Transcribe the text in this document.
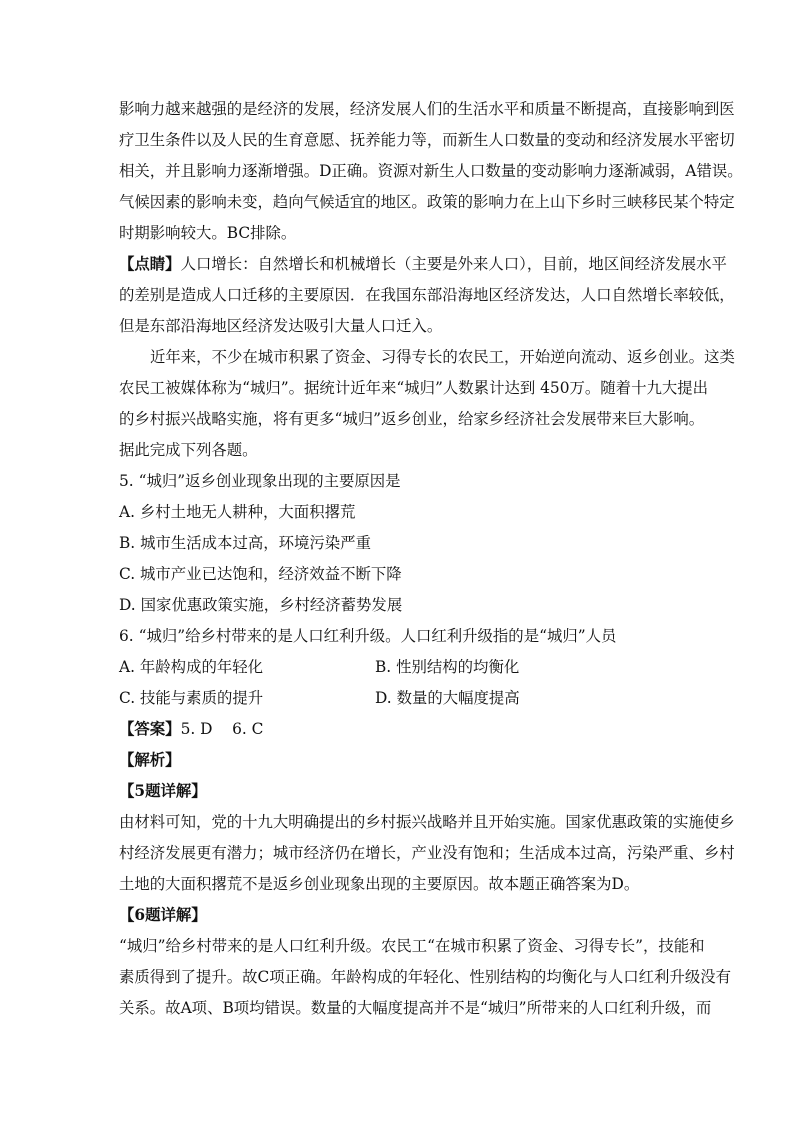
影响力越来越强的是经济的发展，经济发展人们的生活水平和质量不断提高，直接影响到医
疗卫生条件以及人民的生育意愿、抚养能力等，而新生人口数量的变动和经济发展水平密切
相关，并且影响力逐渐增强。D正确。资源对新生人口数量的变动影响力逐渐减弱，A错误。
气候因素的影响未变，趋向气候适宜的地区。政策的影响力在上山下乡时三峡移民某个特定
时期影响较大。BC排除。
【点睛】人口增长：自然增长和机械增长（主要是外来人口），目前，地区间经济发展水平
的差别是造成人口迁移的主要原因．在我国东部沿海地区经济发达，人口自然增长率较低，
但是东部沿海地区经济发达吸引大量人口迁入。
近年来，不少在城市积累了资金、习得专长的农民工，开始逆向流动、返乡创业。这类
农民工被媒体称为“城归”。据统计近年来“城归”人数累计达到 450万。随着十九大提出
的乡村振兴战略实施，将有更多“城归”返乡创业，给家乡经济社会发展带来巨大影响。
据此完成下列各题。
5. “城归”返乡创业现象出现的主要原因是
A. 乡村土地无人耕种，大面积撂荒
B. 城市生活成本过高，环境污染严重
C. 城市产业已达饱和，经济效益不断下降
D. 国家优惠政策实施，乡村经济蓄势发展
6. “城归”给乡村带来的是人口红利升级。人口红利升级指的是“城归”人员
A. 年龄构成的年轻化	B. 性别结构的均衡化
C. 技能与素质的提升	D. 数量的大幅度提高
【答案】5. D    6. C
【解析】
【5题详解】
由材料可知，党的十九大明确提出的乡村振兴战略并且开始实施。国家优惠政策的实施使乡
村经济发展更有潜力；城市经济仍在增长，产业没有饱和；生活成本过高，污染严重、乡村
土地的大面积撂荒不是返乡创业现象出现的主要原因。故本题正确答案为D。
【6题详解】
“城归”给乡村带来的是人口红利升级。农民工“在城市积累了资金、习得专长”，技能和
素质得到了提升。故C项正确。年龄构成的年轻化、性别结构的均衡化与人口红利升级没有
关系。故A项、B项均错误。数量的大幅度提高并不是“城归”所带来的人口红利升级，而
